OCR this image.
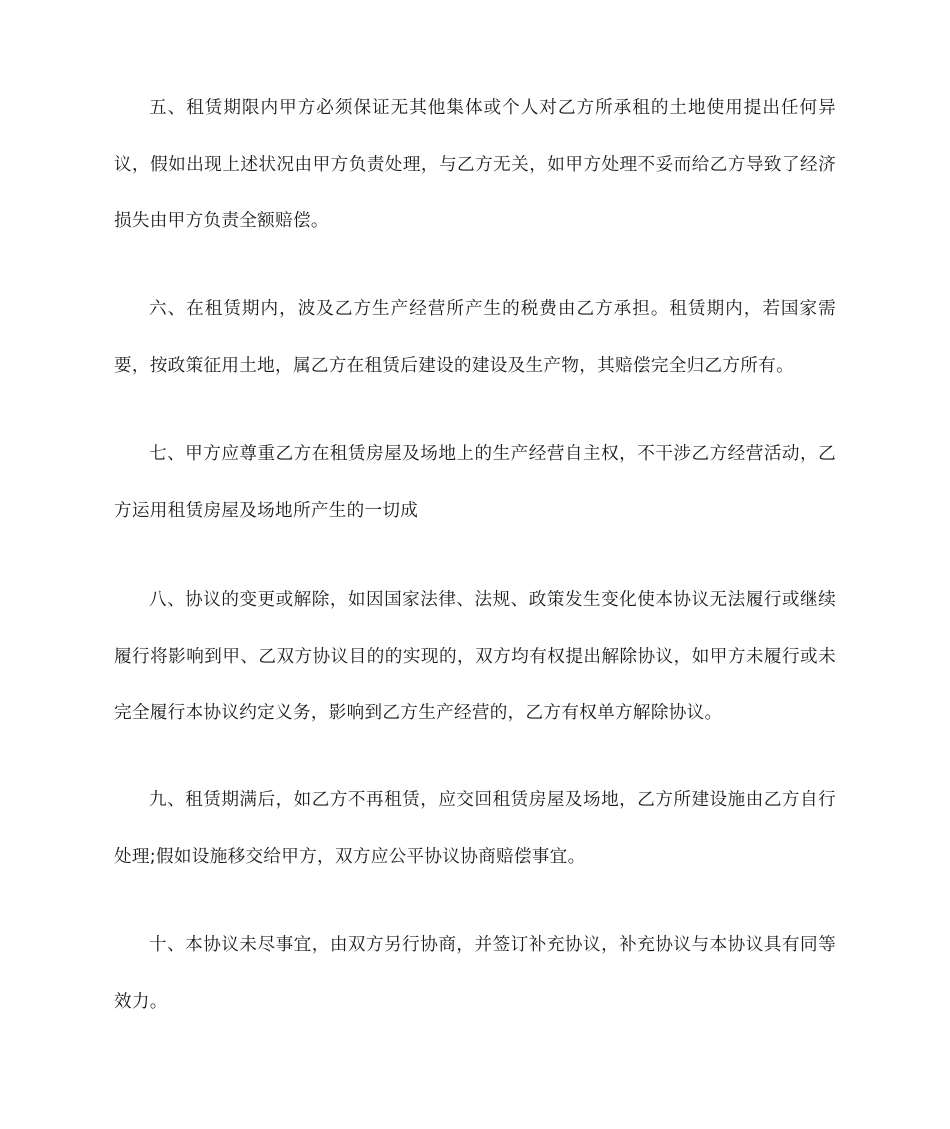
五、租赁期限内甲方必须保证无其他集体或个人对乙方所承租的土地使用提出任何异议，假如出现上述状况由甲方负责处理，与乙方无关，如甲方处理不妥而给乙方导致了经济损失由甲方负责全额赔偿。

六、在租赁期内，波及乙方生产经营所产生的税费由乙方承担。租赁期内，若国家需要，按政策征用土地，属乙方在租赁后建设的建设及生产物，其赔偿完全归乙方所有。

七、甲方应尊重乙方在租赁房屋及场地上的生产经营自主权，不干涉乙方经营活动，乙方运用租赁房屋及场地所产生的一切成

八、协议的变更或解除，如因国家法律、法规、政策发生变化使本协议无法履行或继续履行将影响到甲、乙双方协议目的的实现的，双方均有权提出解除协议，如甲方未履行或未完全履行本协议约定义务，影响到乙方生产经营的，乙方有权单方解除协议。

九、租赁期满后，如乙方不再租赁，应交回租赁房屋及场地，乙方所建设施由乙方自行处理;假如设施移交给甲方，双方应公平协议协商赔偿事宜。

十、本协议未尽事宜，由双方另行协商，并签订补充协议，补充协议与本协议具有同等效力。
